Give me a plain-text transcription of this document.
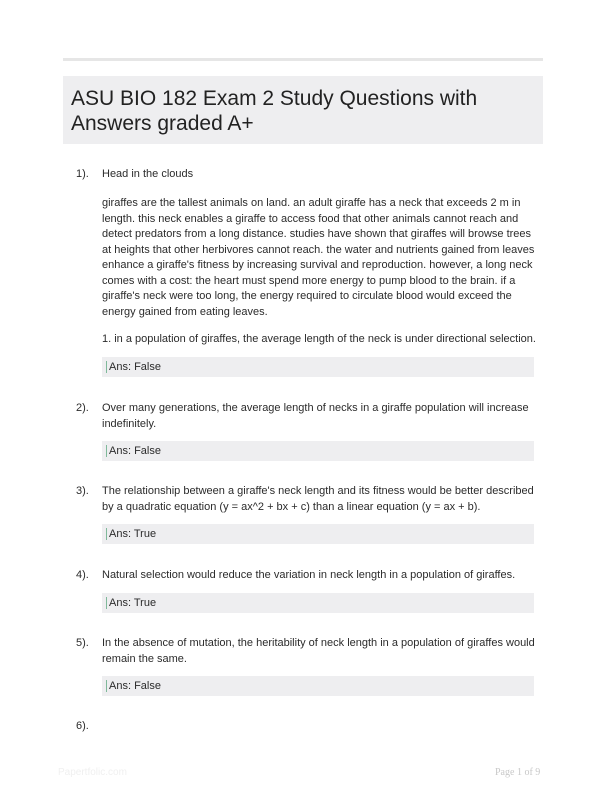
ASU BIO 182 Exam 2 Study Questions with Answers graded A+
1). Head in the clouds
giraffes are the tallest animals on land. an adult giraffe has a neck that exceeds 2 m in length. this neck enables a giraffe to access food that other animals cannot reach and detect predators from a long distance. studies have shown that giraffes will browse trees at heights that other herbivores cannot reach. the water and nutrients gained from leaves enhance a giraffe's fitness by increasing survival and reproduction. however, a long neck comes with a cost: the heart must spend more energy to pump blood to the brain. if a giraffe's neck were too long, the energy required to circulate blood would exceed the energy gained from eating leaves.
1. in a population of giraffes, the average length of the neck is under directional selection.
Ans: False
2). Over many generations, the average length of necks in a giraffe population will increase indefinitely.
Ans: False
3). The relationship between a giraffe's neck length and its fitness would be better described by a quadratic equation (y = ax^2 + bx + c) than a linear equation (y = ax + b).
Ans: True
4). Natural selection would reduce the variation in neck length in a population of giraffes.
Ans: True
5). In the absence of mutation, the heritability of neck length in a population of giraffes would remain the same.
Ans: False
6).
Papertfolic.com	Page 1 of 9
